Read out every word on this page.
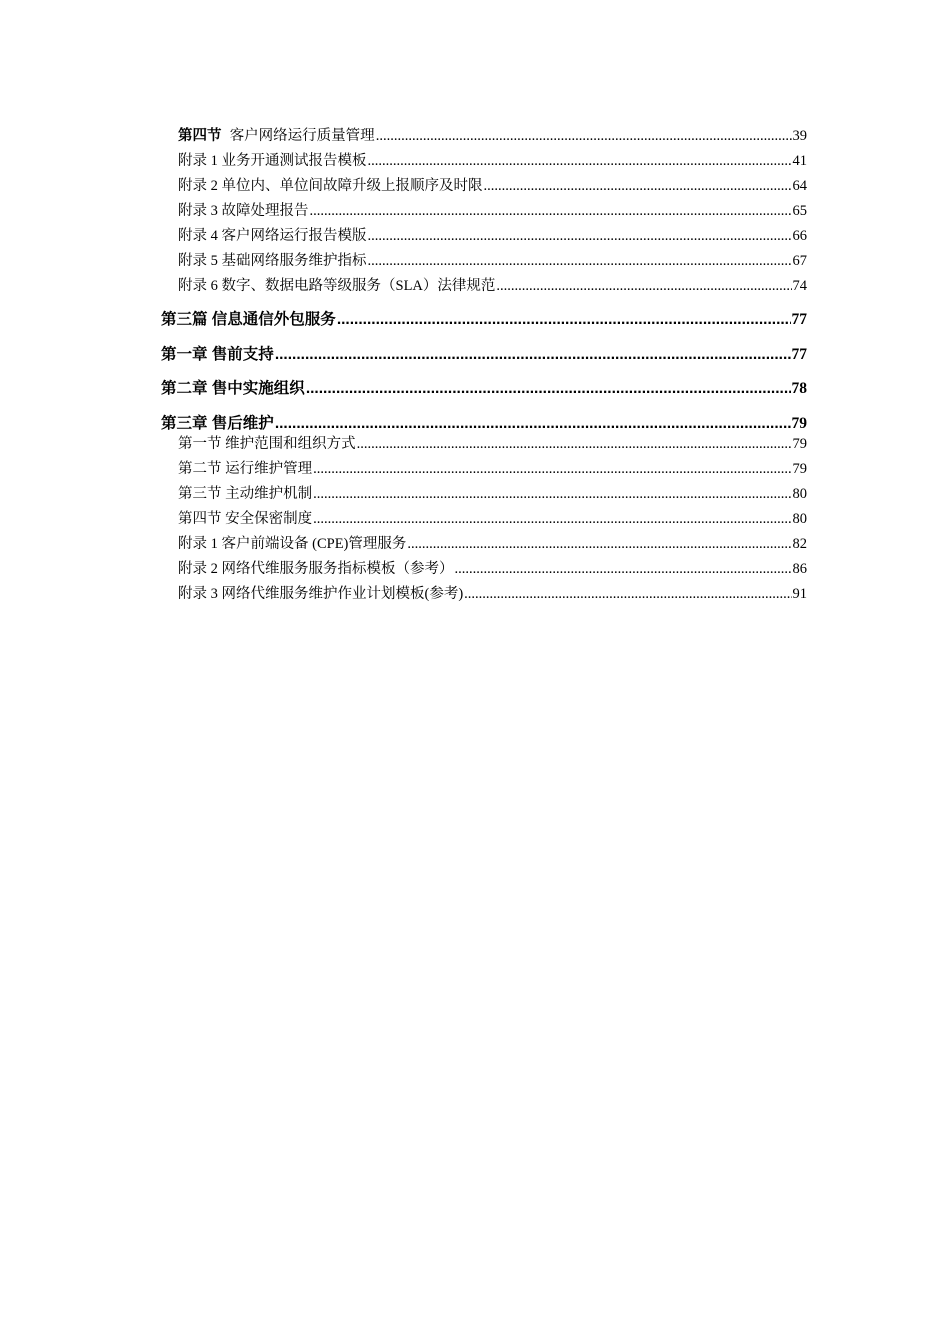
第四节 客户网络运行质量管理 .....	39
附录 1 业务开通测试报告模板 .....	41
附录 2 单位内、单位间故障升级上报顺序及时限 .....	64
附录 3 故障处理报告 .....	65
附录 4 客户网络运行报告模版 .....	66
附录 5 基础网络服务维护指标 .....	67
附录 6 数字、数据电路等级服务（SLA）法律规范 .....	74
第三篇 信息通信外包服务 .....	77
第一章 售前支持 .....	77
第二章 售中实施组织 .....	78
第三章 售后维护 .....	79
第一节 维护范围和组织方式 .....	79
第二节 运行维护管理 .....	79
第三节 主动维护机制 .....	80
第四节 安全保密制度 .....	80
附录 1 客户前端设备 (CPE)管理服务 .....	82
附录 2 网络代维服务服务指标模板（参考） .....	86
附录 3 网络代维服务维护作业计划模板(参考) .....	91
